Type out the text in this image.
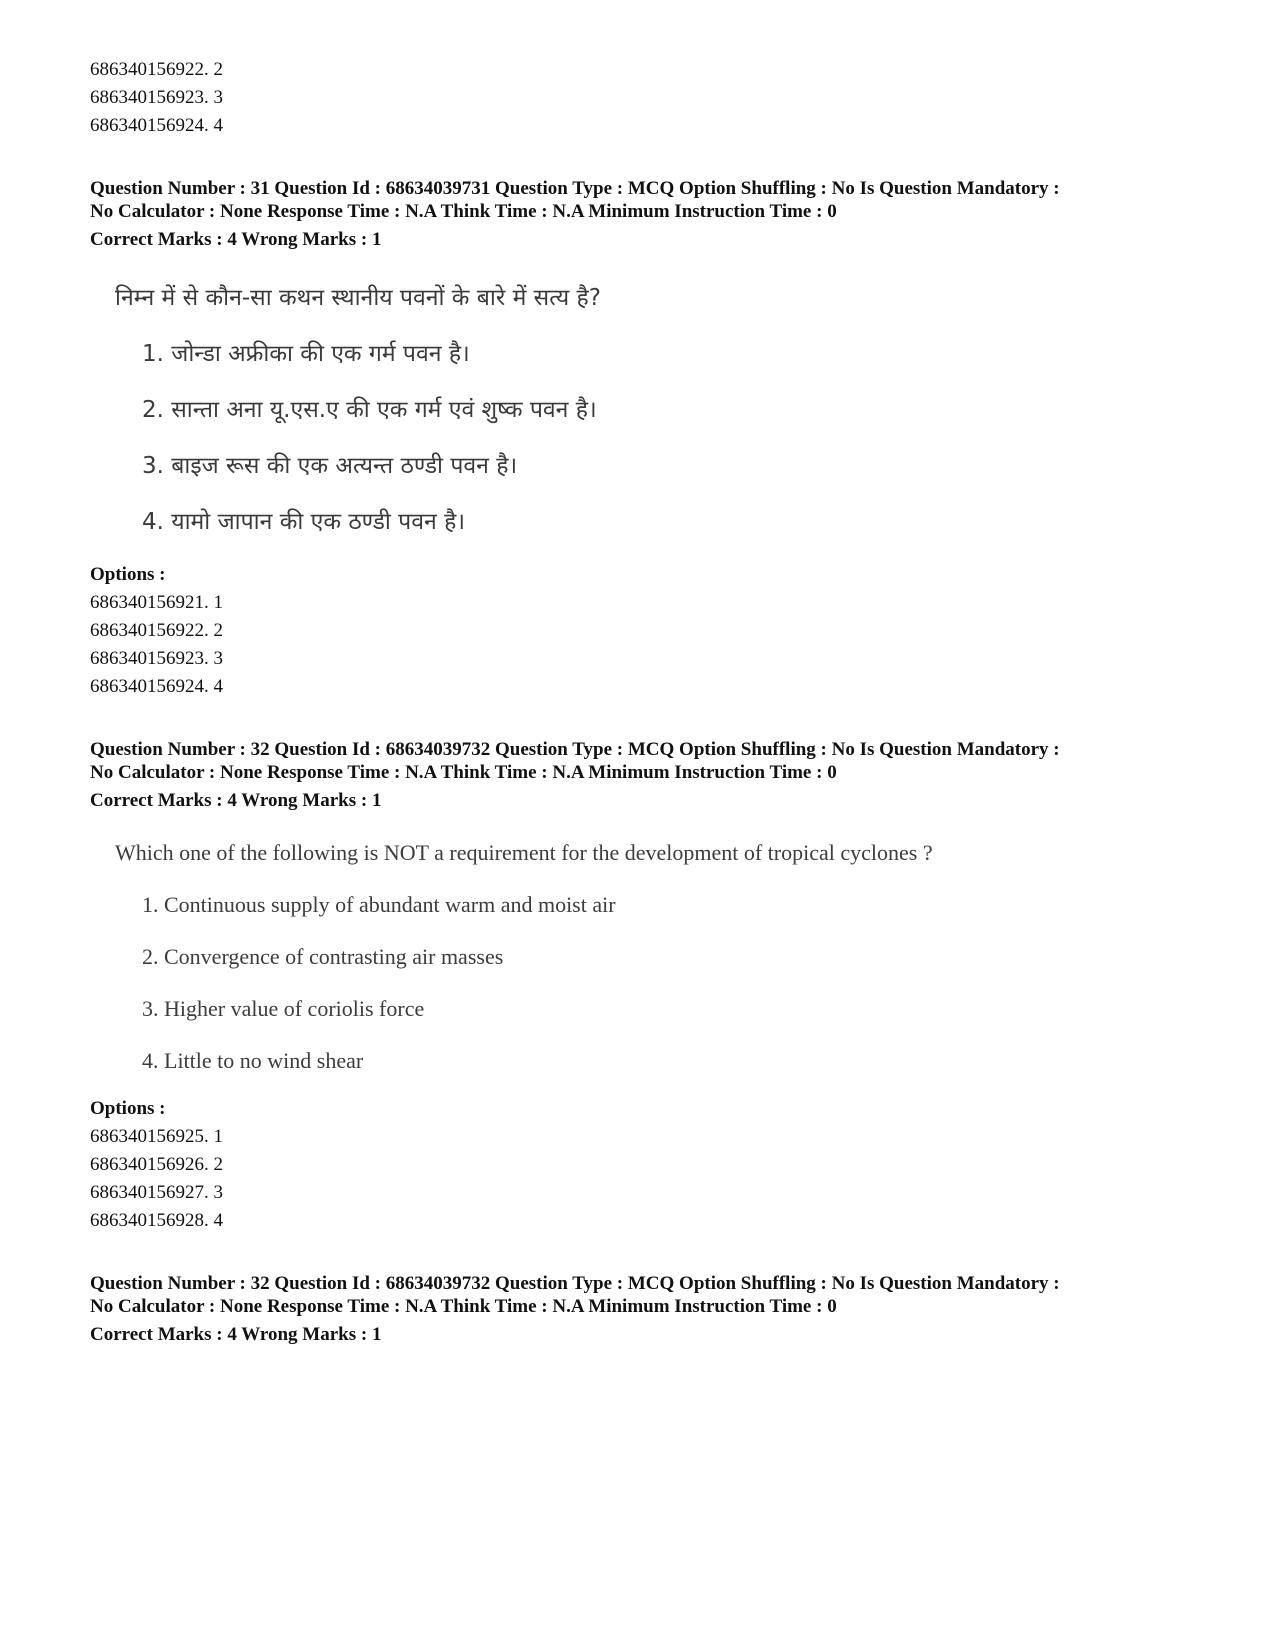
686340156922. 2
686340156923. 3
686340156924. 4
Question Number : 31 Question Id : 68634039731 Question Type : MCQ Option Shuffling : No Is Question Mandatory :
No Calculator : None Response Time : N.A Think Time : N.A Minimum Instruction Time : 0
Correct Marks : 4 Wrong Marks : 1
निम्न में से कौन-सा कथन स्थानीय पवनों के बारे में सत्य है?
1. जोन्डा अफ्रीका की एक गर्म पवन है।
2. सान्ता अना यू.एस.ए की एक गर्म एवं शुष्क पवन है।
3. बाइज रूस की एक अत्यन्त ठण्डी पवन है।
4. यामो जापान की एक ठण्डी पवन है।
Options :
686340156921. 1
686340156922. 2
686340156923. 3
686340156924. 4
Question Number : 32 Question Id : 68634039732 Question Type : MCQ Option Shuffling : No Is Question Mandatory :
No Calculator : None Response Time : N.A Think Time : N.A Minimum Instruction Time : 0
Correct Marks : 4 Wrong Marks : 1
Which one of the following is NOT a requirement for the development of tropical cyclones ?
1. Continuous supply of abundant warm and moist air
2. Convergence of contrasting air masses
3. Higher value of coriolis force
4. Little to no wind shear
Options :
686340156925. 1
686340156926. 2
686340156927. 3
686340156928. 4
Question Number : 32 Question Id : 68634039732 Question Type : MCQ Option Shuffling : No Is Question Mandatory :
No Calculator : None Response Time : N.A Think Time : N.A Minimum Instruction Time : 0
Correct Marks : 4 Wrong Marks : 1
